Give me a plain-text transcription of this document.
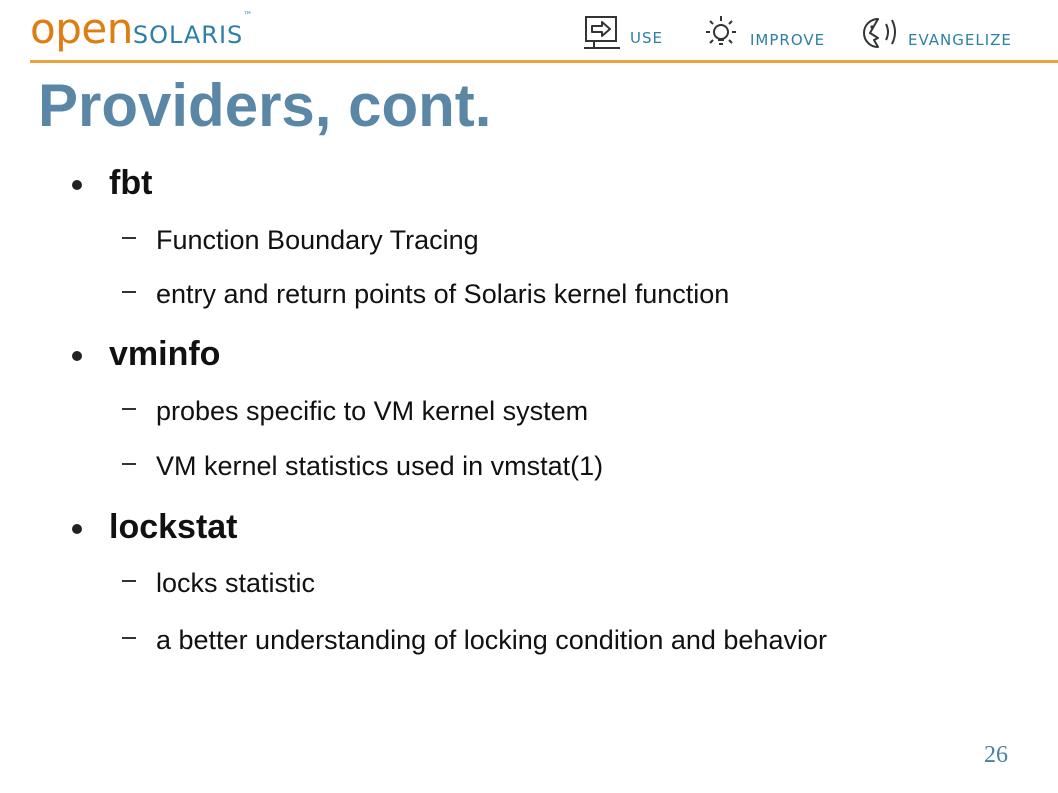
opensolaris™
USE	IMPROVE	EVANGELIZE
Providers, cont.
fbt
Function Boundary Tracing
entry and return points of Solaris kernel function
vminfo
probes specific to VM kernel system
VM kernel statistics used in vmstat(1)
lockstat
locks statistic
a better understanding of locking condition and behavior
26
